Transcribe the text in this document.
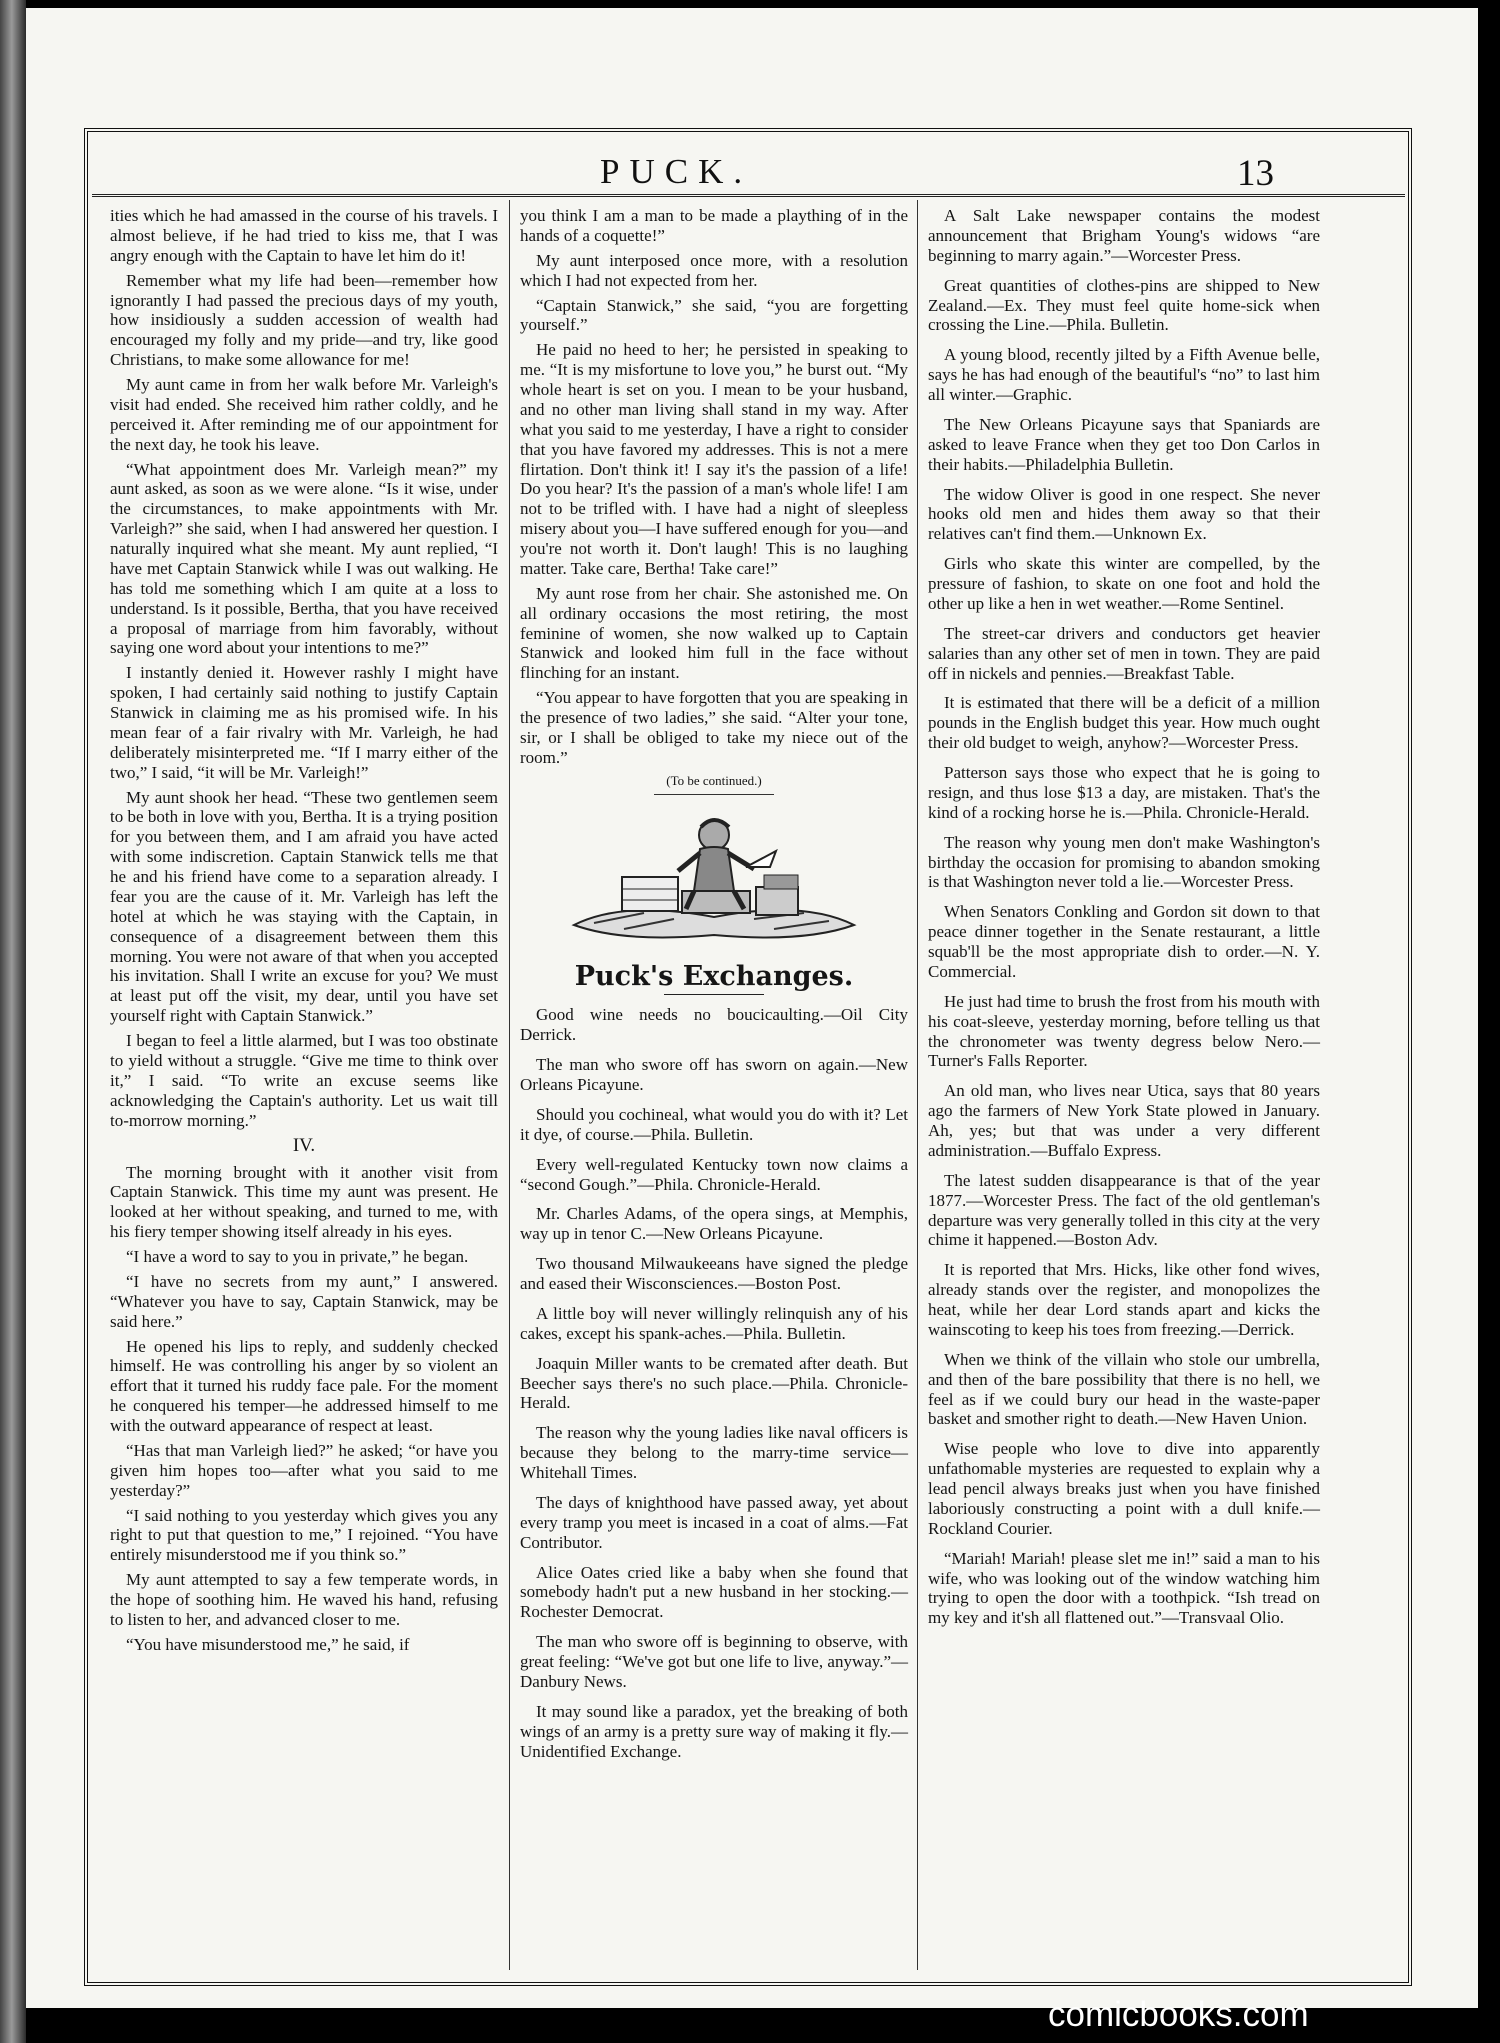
PUCK.	13

ities which he had amassed in the course of his travels. I almost believe, if he had tried to kiss me, that I was angry enough with the Captain to have let him do it!

Remember what my life had been—remember how ignorantly I had passed the precious days of my youth, how insidiously a sudden accession of wealth had encouraged my folly and my pride—and try, like good Christians, to make some allowance for me!

My aunt came in from her walk before Mr. Varleigh's visit had ended. She received him rather coldly, and he perceived it. After reminding me of our appointment for the next day, he took his leave.

“What appointment does Mr. Varleigh mean?” my aunt asked, as soon as we were alone. “Is it wise, under the circumstances, to make appointments with Mr. Varleigh?” she said, when I had answered her question. I naturally inquired what she meant. My aunt replied, “I have met Captain Stanwick while I was out walking. He has told me something which I am quite at a loss to understand. Is it possible, Bertha, that you have received a proposal of marriage from him favorably, without saying one word about your intentions to me?”

I instantly denied it. However rashly I might have spoken, I had certainly said nothing to justify Captain Stanwick in claiming me as his promised wife. In his mean fear of a fair rivalry with Mr. Varleigh, he had deliberately misinterpreted me. “If I marry either of the two,” I said, “it will be Mr. Varleigh!”

My aunt shook her head. “These two gentlemen seem to be both in love with you, Bertha. It is a trying position for you between them, and I am afraid you have acted with some indiscretion. Captain Stanwick tells me that he and his friend have come to a separation already. I fear you are the cause of it. Mr. Varleigh has left the hotel at which he was staying with the Captain, in consequence of a disagreement between them this morning. You were not aware of that when you accepted his invitation. Shall I write an excuse for you? We must at least put off the visit, my dear, until you have set yourself right with Captain Stanwick.”

I began to feel a little alarmed, but I was too obstinate to yield without a struggle. “Give me time to think over it,” I said. “To write an excuse seems like acknowledging the Captain's authority. Let us wait till to-morrow morning.”

IV.

The morning brought with it another visit from Captain Stanwick. This time my aunt was present. He looked at her without speaking, and turned to me, with his fiery temper showing itself already in his eyes.

“I have a word to say to you in private,” he began.

“I have no secrets from my aunt,” I answered. “Whatever you have to say, Captain Stanwick, may be said here.”

He opened his lips to reply, and suddenly checked himself. He was controlling his anger by so violent an effort that it turned his ruddy face pale. For the moment he conquered his temper—he addressed himself to me with the outward appearance of respect at least.

“Has that man Varleigh lied?” he asked; “or have you given him hopes too—after what you said to me yesterday?”

“I said nothing to you yesterday which gives you any right to put that question to me,” I rejoined. “You have entirely misunderstood me if you think so.”

My aunt attempted to say a few temperate words, in the hope of soothing him. He waved his hand, refusing to listen to her, and advanced closer to me.

“You have misunderstood me,” he said, if

you think I am a man to be made a plaything of in the hands of a coquette!”

My aunt interposed once more, with a resolution which I had not expected from her.

“Captain Stanwick,” she said, “you are forgetting yourself.”

He paid no heed to her; he persisted in speaking to me. “It is my misfortune to love you,” he burst out. “My whole heart is set on you. I mean to be your husband, and no other man living shall stand in my way. After what you said to me yesterday, I have a right to consider that you have favored my addresses. This is not a mere flirtation. Don't think it! I say it's the passion of a life! Do you hear? It's the passion of a man's whole life! I am not to be trifled with. I have had a night of sleepless misery about you—I have suffered enough for you—and you're not worth it. Don't laugh! This is no laughing matter. Take care, Bertha! Take care!”

My aunt rose from her chair. She astonished me. On all ordinary occasions the most retiring, the most feminine of women, she now walked up to Captain Stanwick and looked him full in the face without flinching for an instant.

“You appear to have forgotten that you are speaking in the presence of two ladies,” she said. “Alter your tone, sir, or I shall be obliged to take my niece out of the room.”

(To be continued.)
Puck's Exchanges.

Good wine needs no boucicaulting.—Oil City Derrick.

The man who swore off has sworn on again.—New Orleans Picayune.

Should you cochineal, what would you do with it? Let it dye, of course.—Phila. Bulletin.

Every well-regulated Kentucky town now claims a “second Gough.”—Phila. Chronicle-Herald.

Mr. Charles Adams, of the opera sings, at Memphis, way up in tenor C.—New Orleans Picayune.

Two thousand Milwaukeeans have signed the pledge and eased their Wisconsciences.—Boston Post.

A little boy will never willingly relinquish any of his cakes, except his spank-aches.—Phila. Bulletin.

Joaquin Miller wants to be cremated after death. But Beecher says there's no such place.—Phila. Chronicle-Herald.

The reason why the young ladies like naval officers is because they belong to the marry-time service—Whitehall Times.

The days of knighthood have passed away, yet about every tramp you meet is incased in a coat of alms.—Fat Contributor.

Alice Oates cried like a baby when she found that somebody hadn't put a new husband in her stocking.—Rochester Democrat.

The man who swore off is beginning to observe, with great feeling: “We've got but one life to live, anyway.”—Danbury News.

It may sound like a paradox, yet the breaking of both wings of an army is a pretty sure way of making it fly.—Unidentified Exchange.

A Salt Lake newspaper contains the modest announcement that Brigham Young's widows “are beginning to marry again.”—Worcester Press.

Great quantities of clothes-pins are shipped to New Zealand.—Ex. They must feel quite home-sick when crossing the Line.—Phila. Bulletin.

A young blood, recently jilted by a Fifth Avenue belle, says he has had enough of the beautiful's “no” to last him all winter.—Graphic.

The New Orleans Picayune says that Spaniards are asked to leave France when they get too Don Carlos in their habits.—Philadelphia Bulletin.

The widow Oliver is good in one respect. She never hooks old men and hides them away so that their relatives can't find them.—Unknown Ex.

Girls who skate this winter are compelled, by the pressure of fashion, to skate on one foot and hold the other up like a hen in wet weather.—Rome Sentinel.

The street-car drivers and conductors get heavier salaries than any other set of men in town. They are paid off in nickels and pennies.—Breakfast Table.

It is estimated that there will be a deficit of a million pounds in the English budget this year. How much ought their old budget to weigh, anyhow?—Worcester Press.

Patterson says those who expect that he is going to resign, and thus lose $13 a day, are mistaken. That's the kind of a rocking horse he is.—Phila. Chronicle-Herald.

The reason why young men don't make Washington's birthday the occasion for promising to abandon smoking is that Washington never told a lie.—Worcester Press.

When Senators Conkling and Gordon sit down to that peace dinner together in the Senate restaurant, a little squab'll be the most appropriate dish to order.—N. Y. Commercial.

He just had time to brush the frost from his mouth with his coat-sleeve, yesterday morning, before telling us that the chronometer was twenty degress below Nero.—Turner's Falls Reporter.

An old man, who lives near Utica, says that 80 years ago the farmers of New York State plowed in January. Ah, yes; but that was under a very different administration.—Buffalo Express.

The latest sudden disappearance is that of the year 1877.—Worcester Press. The fact of the old gentleman's departure was very generally tolled in this city at the very chime it happened.—Boston Adv.

It is reported that Mrs. Hicks, like other fond wives, already stands over the register, and monopolizes the heat, while her dear Lord stands apart and kicks the wainscoting to keep his toes from freezing.—Derrick.

When we think of the villain who stole our umbrella, and then of the bare possibility that there is no hell, we feel as if we could bury our head in the waste-paper basket and smother right to death.—New Haven Union.

Wise people who love to dive into apparently unfathomable mysteries are requested to explain why a lead pencil always breaks just when you have finished laboriously constructing a point with a dull knife.—Rockland Courier.

“Mariah! Mariah! please slet me in!” said a man to his wife, who was looking out of the window watching him trying to open the door with a toothpick. “Ish tread on my key and it'sh all flattened out.”—Transvaal Olio.

comicbooks.com
